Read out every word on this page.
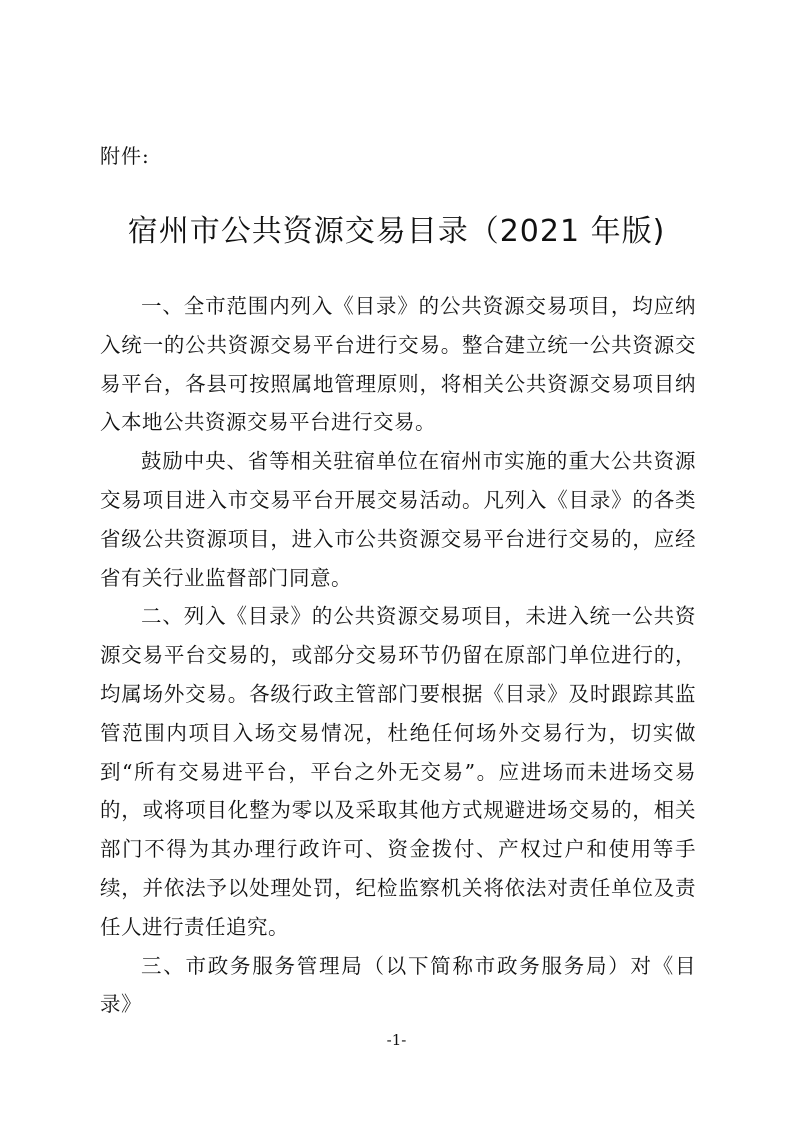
附件:
宿州市公共资源交易目录（2021 年版)

一、全市范围内列入《目录》的公共资源交易项目，均应纳入统一的公共资源交易平台进行交易。整合建立统一公共资源交易平台，各县可按照属地管理原则，将相关公共资源交易项目纳入本地公共资源交易平台进行交易。

鼓励中央、省等相关驻宿单位在宿州市实施的重大公共资源交易项目进入市交易平台开展交易活动。凡列入《目录》的各类省级公共资源项目，进入市公共资源交易平台进行交易的，应经省有关行业监督部门同意。

二、列入《目录》的公共资源交易项目，未进入统一公共资源交易平台交易的，或部分交易环节仍留在原部门单位进行的，均属场外交易。各级行政主管部门要根据《目录》及时跟踪其监管范围内项目入场交易情况，杜绝任何场外交易行为，切实做到“所有交易进平台，平台之外无交易”。应进场而未进场交易的，或将项目化整为零以及采取其他方式规避进场交易的，相关部门不得为其办理行政许可、资金拨付、产权过户和使用等手续，并依法予以处理处罚，纪检监察机关将依法对责任单位及责任人进行责任追究。

三、市政务服务管理局（以下简称市政务服务局）对《目录》

-1-
